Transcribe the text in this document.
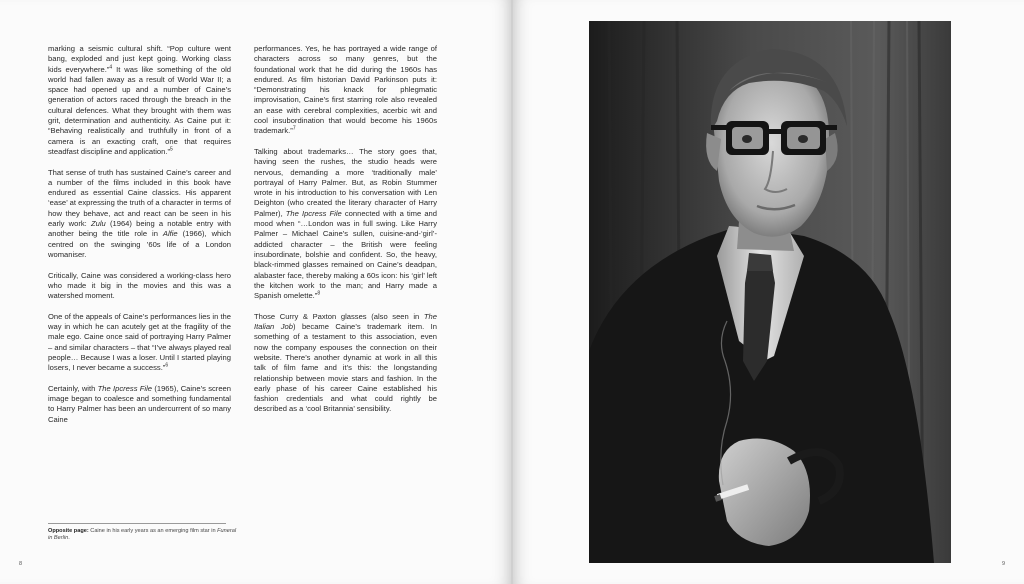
marking a seismic cultural shift. “Pop culture went bang, exploded and just kept going. Working class kids everywhere.”$^4$ It was like something of the old world had fallen away as a result of World War II; a space had opened up and a number of Caine’s generation of actors raced through the breach in the cultural defences. What they brought with them was grit, determination and authenticity. As Caine put it: “Behaving realistically and truthfully in front of a camera is an exacting craft, one that requires steadfast discipline and application.”$^5$

That sense of truth has sustained Caine’s career and a number of the films included in this book have endured as essential Caine classics. His apparent ‘ease’ at expressing the truth of a character in terms of how they behave, act and react can be seen in his early work: Zulu (1964) being a notable entry with another being the title role in Alfie (1966), which centred on the swinging ’60s life of a London womaniser.

Critically, Caine was considered a working-class hero who made it big in the movies and this was a watershed moment.

One of the appeals of Caine’s performances lies in the way in which he can acutely get at the fragility of the male ego. Caine once said of portraying Harry Palmer – and similar characters – that “I’ve always played real people… Because I was a loser. Until I started playing losers, I never became a success.”$^6$

Certainly, with The Ipcress File (1965), Caine’s screen image began to coalesce and something fundamental to Harry Palmer has been an undercurrent of so many Caine

performances. Yes, he has portrayed a wide range of characters across so many genres, but the foundational work that he did during the 1960s has endured. As film historian David Parkinson puts it: “Demonstrating his knack for phlegmatic improvisation, Caine’s first starring role also revealed an ease with cerebral complexities, acerbic wit and cool insubordination that would become his 1960s trademark.”$^7$

Talking about trademarks… The story goes that, having seen the rushes, the studio heads were nervous, demanding a more ‘traditionally male’ portrayal of Harry Palmer. But, as Robin Stummer wrote in his introduction to his conversation with Len Deighton (who created the literary character of Harry Palmer), The Ipcress File connected with a time and mood when “…London was in full swing. Like Harry Palmer – Michael Caine’s sullen, cuisine-and-‘girl’-addicted character – the British were feeling insubordinate, bolshie and confident. So, the heavy, black-rimmed glasses remained on Caine’s deadpan, alabaster face, thereby making a 60s icon: his ‘girl’ left the kitchen work to the man; and Harry made a Spanish omelette.”$^8$

Those Curry & Paxton glasses (also seen in The Italian Job) became Caine’s trademark item. In something of a testament to this association, even now the company espouses the connection on their website. There’s another dynamic at work in all this talk of film fame and it’s this: the longstanding relationship between movie stars and fashion. In the early phase of his career Caine established his fashion credentials and what could rightly be described as a ‘cool Britannia’ sensibility.

Opposite page: Caine in his early years as an emerging film star in Funeral in Berlin.
8	9
